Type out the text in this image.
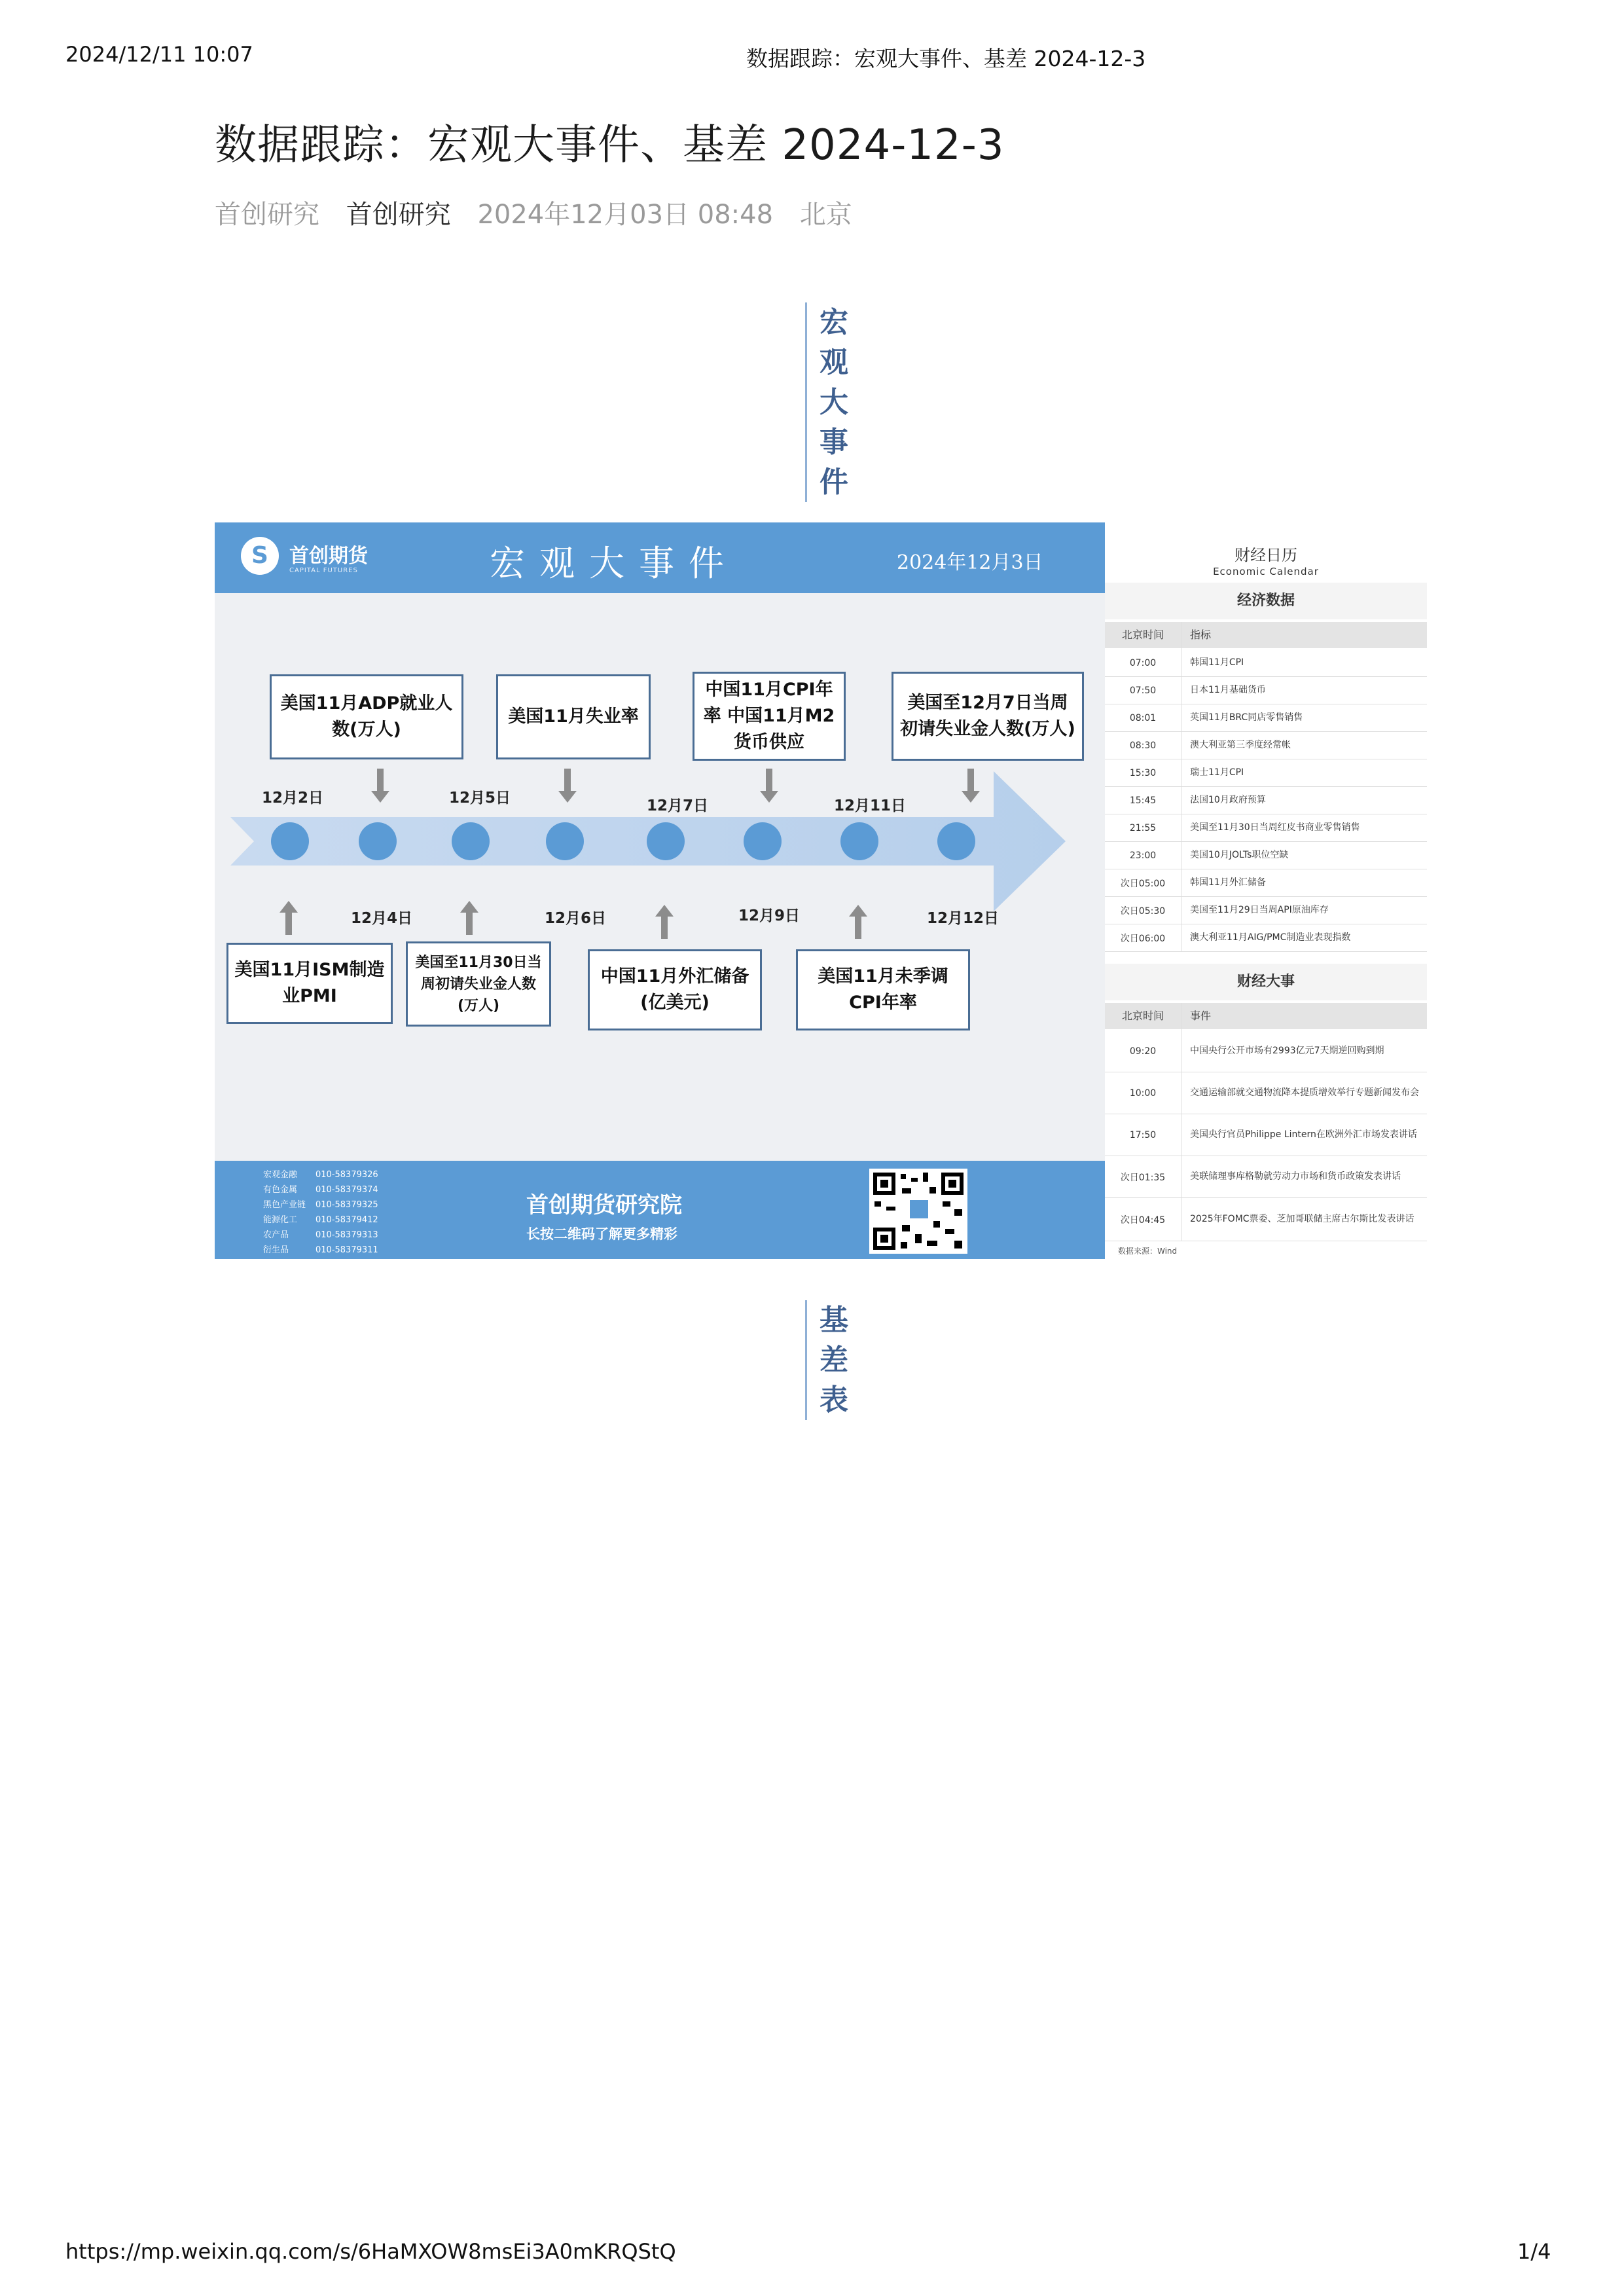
2024/12/11 10:07	数据跟踪：宏观大事件、基差 2024-12-3
数据跟踪：宏观大事件、基差 2024-12-3
首创研究 首创研究 2024年12月03日 08:48 北京
宏
观
大
事
件
S	首创期货
CAPITAL FUTURES	宏观大事件	2024年12月3日
美国11月ADP就业人数(万人)
美国11月失业率
中国11月CPI年率 中国11月M2货币供应
美国至12月7日当周初请失业金人数(万人)
12月2日	12月5日	12月7日	12月11日
12月4日	12月6日	12月9日	12月12日
美国11月ISM制造业PMI
美国至11月30日当周初请失业金人数(万人)
中国11月外汇储备(亿美元)
美国11月未季调CPI年率
宏观金融 010-58379326
有色金属 010-58379374
黑色产业链 010-58379325
能源化工 010-58379412
农产品	010-58379313
衍生品	010-58379311
首创期货研究院
长按二维码了解更多精彩
财经日历
Economic Calendar
经济数据
北京时间	指标
07:00	韩国11月CPI
07:50	日本11月基础货币
08:01	英国11月BRC同店零售销售
08:30	澳大利亚第三季度经常帐
15:30	瑞士11月CPI
15:45	法国10月政府预算
21:55	美国至11月30日当周红皮书商业零售销售
23:00	美国10月JOLTs职位空缺
次日05:00	韩国11月外汇储备
次日05:30	美国至11月29日当周API原油库存
次日06:00	澳大利亚11月AIG/PMC制造业表现指数
财经大事
北京时间	事件
09:20	中国央行公开市场有2993亿元7天期逆回购到期
10:00	交通运输部就交通物流降本提质增效举行专题新闻发布会
17:50	美国央行官员Philippe Lintern在欧洲外汇市场发表讲话
次日01:35	美联储理事库格勒就劳动力市场和货币政策发表讲话
次日04:45	2025年FOMC票委、芝加哥联储主席古尔斯比发表讲话
数据来源：Wind
基
差
表
https://mp.weixin.qq.com/s/6HaMXOW8msEi3A0mKRQStQ	1/4
